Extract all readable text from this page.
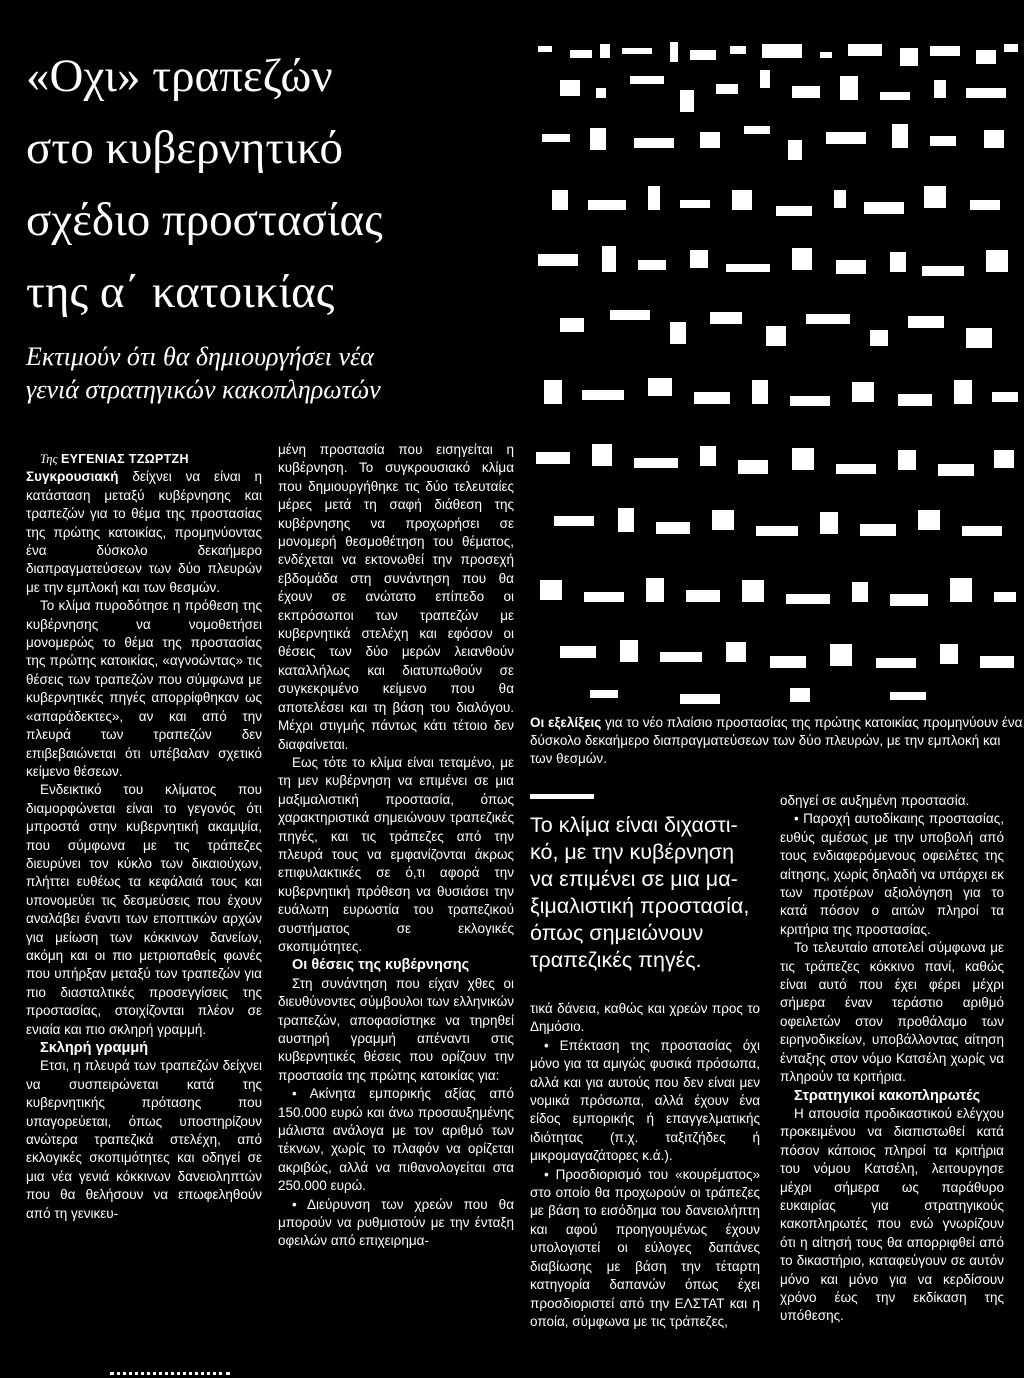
«Οχι» τραπεζών
στο κυβερνητικό
σχέδιο προστασίας
της α΄ κατοικίας
Εκτιμούν ότι θα δημιουργήσει νέα
γενιά στρατηγικών κακοπληρωτών

Οι εξελίξεις για το νέο πλαίσιο προστασίας της πρώτης κατοικίας προμηνύουν ένα δύσκολο δεκαήμερο διαπραγματεύσεων των δύο πλευρών, με την εμπλοκή και των θεσμών.

Της ΕΥΓΕΝΙΑΣ ΤΖΩΡΤΖΗ

Συγκρουσιακή δείχνει να είναι η κατάσταση μεταξύ κυβέρνησης και τραπεζών για το θέμα της προστασίας της πρώτης κατοικίας, προμηνύοντας ένα δύσκολο δεκαήμερο διαπραγματεύσεων των δύο πλευρών με την εμπλοκή και των θεσμών.

Το κλίμα πυροδότησε η πρόθεση της κυβέρνησης να νομοθετήσει μονομερώς το θέμα της προστασίας της πρώτης κατοικίας, «αγνοώντας» τις θέσεις των τραπεζών που σύμφωνα με κυβερνητικές πηγές απορρίφθηκαν ως «απαράδεκτες», αν και από την πλευρά των τραπεζών δεν επιβεβαιώνεται ότι υπέβαλαν σχετικό κείμενο θέσεων.

Ενδεικτικό του κλίματος που διαμορφώνεται είναι το γεγονός ότι μπροστά στην κυβερνητική ακαμψία, που σύμφωνα με τις τράπεζες διευρύνει τον κύκλο των δικαιούχων, πλήττει ευθέως τα κεφάλαιά τους και υπονομεύει τις δεσμεύσεις που έχουν αναλάβει έναντι των εποπτικών αρχών για μείωση των κόκκινων δανείων, ακόμη και οι πιο μετριοπαθείς φωνές που υπήρξαν μεταξύ των τραπεζών για πιο διασταλτικές προσεγγίσεις της προστασίας, στοιχίζονται πλέον σε ενιαία και πιο σκληρή γραμμή.

Σκληρή γραμμή

Ετσι, η πλευρά των τραπεζών δείχνει να συσπειρώνεται κατά της κυβερνητικής πρότασης που υπαγορεύεται, όπως υποστηρίζουν ανώτερα τραπεζικά στελέχη, από εκλογικές σκοπιμότητες και οδηγεί σε μια νέα γενιά κόκκινων δανειοληπτών που θα θελήσουν να επωφεληθούν από τη γενικευ-

μένη προστασία που εισηγείται η κυβέρνηση. Το συγκρουσιακό κλίμα που δημιουργήθηκε τις δύο τελευταίες μέρες μετά τη σαφή διάθεση της κυβέρνησης να προχωρήσει σε μονομερή θεσμοθέτηση του θέματος, ενδέχεται να εκτονωθεί την προσεχή εβδομάδα στη συνάντηση που θα έχουν σε ανώτατο επίπεδο οι εκπρόσωποι των τραπεζών με κυβερνητικά στελέχη και εφόσον οι θέσεις των δύο μερών λειανθούν καταλλήλως και διατυπωθούν σε συγκεκριμένο κείμενο που θα αποτελέσει και τη βάση του διαλόγου. Μέχρι στιγμής πάντως κάτι τέτοιο δεν διαφαίνεται.

Εως τότε το κλίμα είναι τεταμένο, με τη μεν κυβέρνηση να επιμένει σε μια μαξιμαλιστική προστασία, όπως χαρακτηριστικά σημειώνουν τραπεζικές πηγές, και τις τράπεζες από την πλευρά τους να εμφανίζονται άκρως επιφυλακτικές σε ό,τι αφορά την κυβερνητική πρόθεση να θυσιάσει την ευάλωτη ευρωστία του τραπεζικού συστήματος σε εκλογικές σκοπιμότητες.

Οι θέσεις της κυβέρνησης

Στη συνάντηση που είχαν χθες οι διευθύνοντες σύμβουλοι των ελληνικών τραπεζών, αποφασίστηκε να τηρηθεί αυστηρή γραμμή απέναντι στις κυβερνητικές θέσεις που ορίζουν την προστασία της πρώτης κατοικίας για:

• Ακίνητα εμπορικής αξίας από 150.000 ευρώ και άνω προσαυξημένης μάλιστα ανάλογα με τον αριθμό των τέκνων, χωρίς το πλαφόν να ορίζεται ακριβώς, αλλά να πιθανολογείται στα 250.000 ευρώ.

• Διεύρυνση των χρεών που θα μπορούν να ρυθμιστούν με την ένταξη οφειλών από επιχειρημα-

Το κλίμα είναι διχαστι-
κό, με την κυβέρνηση
να επιμένει σε μια μα-
ξιμαλιστική προστασία,
όπως σημειώνουν
τραπεζικές πηγές.

τικά δάνεια, καθώς και χρεών προς το Δημόσιο.

• Επέκταση της προστασίας όχι μόνο για τα αμιγώς φυσικά πρόσωπα, αλλά και για αυτούς που δεν είναι μεν νομικά πρόσωπα, αλλά έχουν ένα είδος εμπορικής ή επαγγελματικής ιδιότητας (π.χ. ταξιτζήδες ή μικρομαγαζάτορες κ.ά.).

• Προσδιορισμό του «κουρέματος» στο οποίο θα προχωρούν οι τράπεζες με βάση το εισόδημα του δανειολήπτη και αφού προηγουμένως έχουν υπολογιστεί οι εύλογες δαπάνες διαβίωσης με βάση την τέταρτη κατηγορία δαπανών όπως έχει προσδιοριστεί από την ΕΛΣΤΑΤ και η οποία, σύμφωνα με τις τράπεζες,

οδηγεί σε αυξημένη προστασία.

• Παροχή αυτοδίκαιης προστασίας, ευθύς αμέσως με την υποβολή από τους ενδιαφερόμενους οφειλέτες της αίτησης, χωρίς δηλαδή να υπάρχει εκ των προτέρων αξιολόγηση για το κατά πόσον ο αιτών πληροί τα κριτήρια της προστασίας.

Το τελευταίο αποτελεί σύμφωνα με τις τράπεζες κόκκινο πανί, καθώς είναι αυτό που έχει φέρει μέχρι σήμερα έναν τεράστιο αριθμό οφειλετών στον προθάλαμο των ειρηνοδικείων, υποβάλλοντας αίτηση ένταξης στον νόμο Κατσέλη χωρίς να πληρούν τα κριτήρια.

Στρατηγικοί κακοπληρωτές

Η απουσία προδικαστικού ελέγχου προκειμένου να διαπιστωθεί κατά πόσον κάποιος πληροί τα κριτήρια του νόμου Κατσέλη, λειτουργησε μέχρι σήμερα ως παράθυρο ευκαιρίας για στρατηγικούς κακοπληρωτές που ενώ γνωρίζουν ότι η αίτησή τους θα απορριφθεί από το δικαστήριο, καταφεύγουν σε αυτόν μόνο και μόνο για να κερδίσουν χρόνο έως την εκδίκαση της υπόθεσης.
